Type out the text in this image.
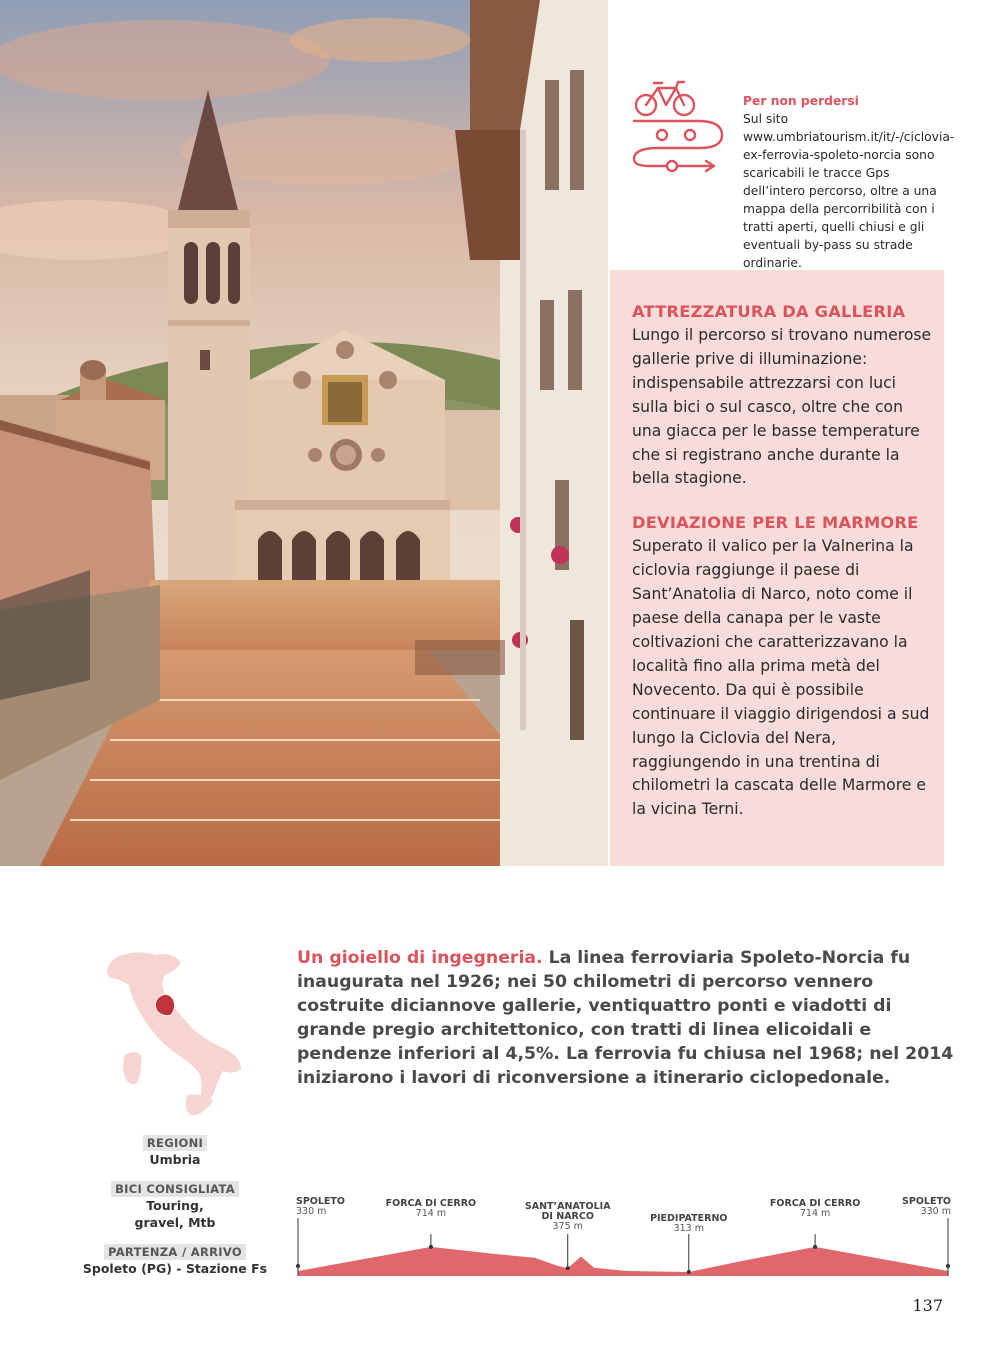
Per non perdersi
Sul sito www.umbriatourism.it/it/-/ciclovia-ex-ferrovia-spoleto-norcia sono scaricabili le tracce Gps dell’intero percorso, oltre a una mappa della percorribilità con i tratti aperti, quelli chiusi e gli eventuali by-pass su strade ordinarie.
ATTREZZATURA DA GALLERIA

Lungo il percorso si trovano numerose gallerie prive di illuminazione: indispensabile attrezzarsi con luci sulla bici o sul casco, oltre che con una giacca per le basse temperature che si registrano anche durante la bella stagione.

DEVIAZIONE PER LE MARMORE

Superato il valico per la Valnerina la ciclovia raggiunge il paese di Sant’Anatolia di Narco, noto come il paese della canapa per le vaste coltivazioni che caratterizzavano la località fino alla prima metà del Novecento. Da qui è possibile continuare il viaggio dirigendosi a sud lungo la Ciclovia del Nera, raggiungendo in una trentina di chilometri la cascata delle Marmore e la vicina Terni.

REGIONI
Umbria
BICI CONSIGLIATA
Touring,
gravel, Mtb
PARTENZA / ARRIVO
Spoleto (PG) - Stazione Fs
Un gioiello di ingegneria. La linea ferroviaria Spoleto-Norcia fu inaugurata nel 1926; nei 50 chilometri di percorso vennero costruite diciannove gallerie, ventiquattro ponti e viadotti di grande pregio architettonico, con tratti di linea elicoidali e pendenze inferiori al 4,5%. La ferrovia fu chiusa nel 1968; nel 2014 iniziarono i lavori di riconversione a itinerario ciclopedonale.
SPOLETO
330 m
FORCA DI CERRO
714 m
SANT’ANATOLIA
DI NARCO
375 m
PIEDIPATERNO
313 m
FORCA DI CERRO
714 m
SPOLETO
330 m
137
